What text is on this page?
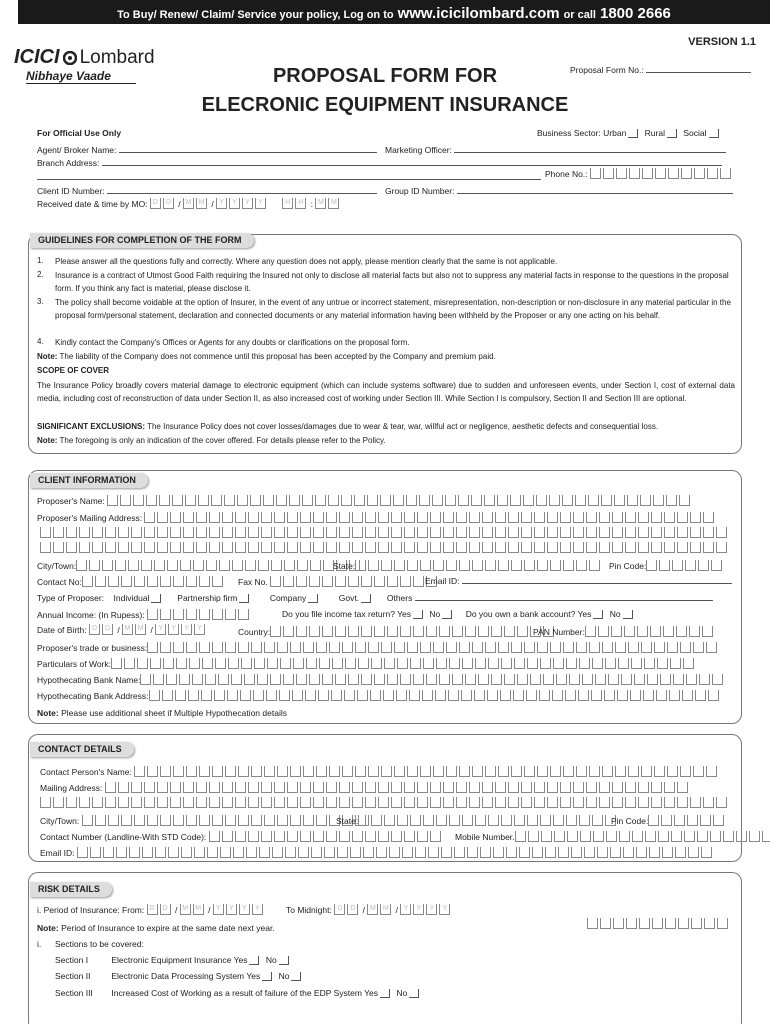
To Buy/ Renew/ Claim/ Service your policy, Log on to www.icicilombard.com or call 1800 2666
ICICI Lombard
Nibhaye Vaade
VERSION 1.1
Proposal Form No.:
PROPOSAL FORM FOR
ELECRONIC EQUIPMENT INSURANCE
For Official Use Only	Business Sector: Urban Rural Social
Agent/ Broker Name:	Marketing Officer:
Branch Address:
Phone No.:
Client ID Number:	Group ID Number:
Received date & time by MO: D	D / M	M / Y	Y	Y	Y
	H	H : M	M
GUIDELINES FOR COMPLETION OF THE FORM
1. Please answer all the questions fully and correctly. Where any question does not apply, please mention clearly that the same is not applicable.
2. Insurance is a contract of Utmost Good Faith requiring the Insured not only to disclose all material facts but also not to suppress any material facts in response to the questions in the proposal form. If you think any fact is material, please disclose it.
3. The policy shall become voidable at the option of Insurer, in the event of any untrue or incorrect statement, misrepresentation, non-description or non-disclosure in any material particular in the proposal form/personal statement, declaration and connected documents or any material information having been withheld by the Proposer or any one acting on his behalf.
4. Kindly contact the Company's Offices or Agents for any doubts or clarifications on the proposal form.
Note: The liability of the Company does not commence until this proposal has been accepted by the Company and premium paid.
SCOPE OF COVER
The Insurance Policy broadly covers material damage to electronic equipment (which can include systems software) due to sudden and unforeseen events, under Section I, cost of external data media, including cost of reconstruction of data under Section II, as also increased cost of working under Section III. While Section I is compulsory, Section II and Section III are optional.
SIGNIFICANT EXCLUSIONS: The Insurance Policy does not cover losses/damages due to wear & tear, war, willful act or negligence, aesthetic defects and consequential loss.
Note: The foregoing is only an indication of the cover offered. For details please refer to the Policy.
CLIENT INFORMATION
Proposer's Name:
Proposer's Mailing Address:
City/Town:	State:	Pin Code:
Contact No:	Fax No.	Email ID:
Type of Proposer: Individual	Partnership firm	Company	Govt.	Others
Annual Income: (In Rupess):	Do you file income tax return? Yes No	Do you own a bank account? Yes No
Date of Birth: D	D / M	M / Y	Y	Y	Y	Country:	PAN Number:
Proposer's trade or business:
Particulars of Work:
Hypothecating Bank Name:
Hypothecating Bank Address:
Note: Please use additional sheet if Multiple Hypothecation details
CONTACT DETAILS
Contact Person's Name:
Mailing Address:
City/Town:	State:	Pin Code:
Contact Number (Landline-With STD Code):	Mobile Number.
Email ID:
RISK DETAILS
i. Period of Insurance: From: D	D / M	M / Y	Y	Y	Y	To Midnight: D	D / M	M / Y	Y	Y	Y
Note: Period of Insurance to expire at the same date next year.
i. Sections to be covered:
Section I	Electronic Equipment Insurance Yes No
Section II Electronic Data Processing System Yes No
Section III Increased Cost of Working as a result of failure of the EDP System Yes No
